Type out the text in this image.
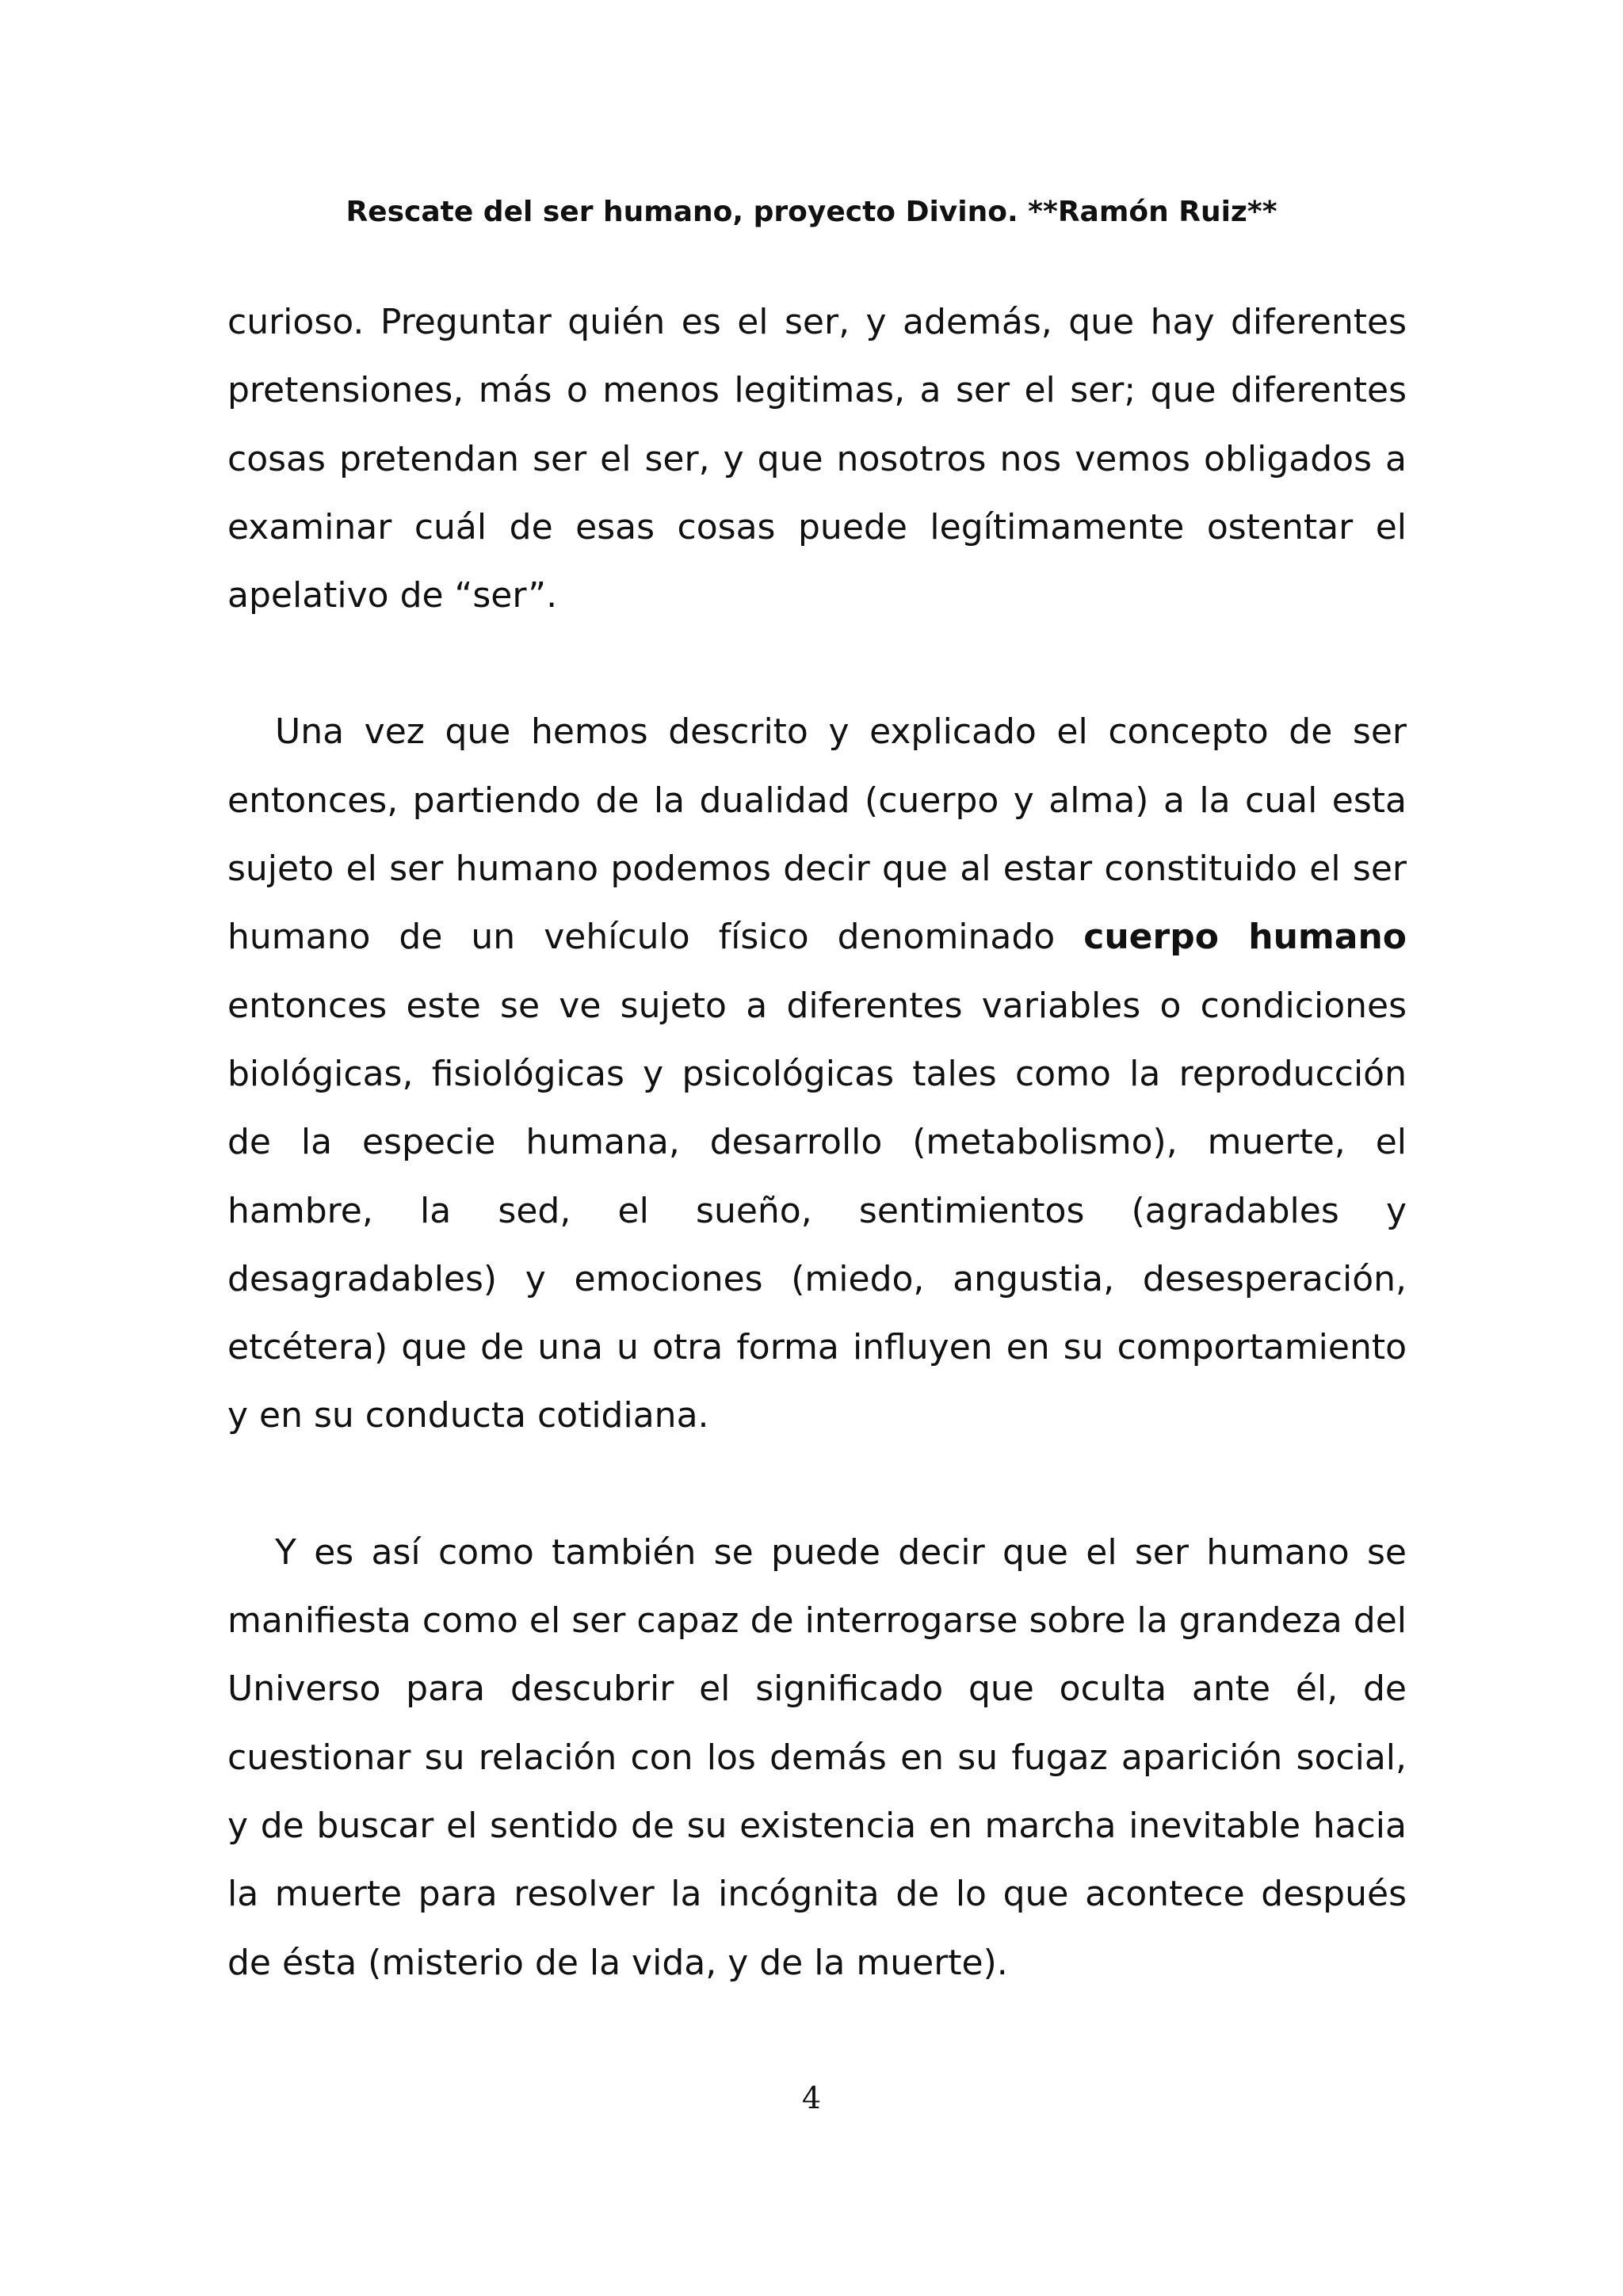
Rescate del ser humano, proyecto Divino. **Ramón Ruiz**

curioso. Preguntar quién es el ser, y además, que hay diferentes pretensiones, más o menos legitimas, a ser el ser; que diferentes cosas pretendan ser el ser, y que nosotros nos vemos obligados a examinar cuál de esas cosas puede legítimamente ostentar el apelativo de “ser”.

Una vez que hemos descrito y explicado el concepto de ser entonces, partiendo de la dualidad (cuerpo y alma) a la cual esta sujeto el ser humano podemos decir que al estar constituido el ser humano de un vehículo físico denominado cuerpo humano entonces este se ve sujeto a diferentes variables o condiciones biológicas, fisiológicas y psicológicas tales como la reproducción de la especie humana, desarrollo (metabolismo), muerte, el hambre, la sed, el sueño, sentimientos (agradables y desagradables) y emociones (miedo, angustia, desesperación, etcétera) que de una u otra forma influyen en su comportamiento y en su conducta cotidiana.

Y es así como también se puede decir que el ser humano se manifiesta como el ser capaz de interrogarse sobre la grandeza del Universo para descubrir el significado que oculta ante él, de cuestionar su relación con los demás en su fugaz aparición social, y de buscar el sentido de su existencia en marcha inevitable hacia la muerte para resolver la incógnita de lo que acontece después de ésta (misterio de la vida, y de la muerte).

4
